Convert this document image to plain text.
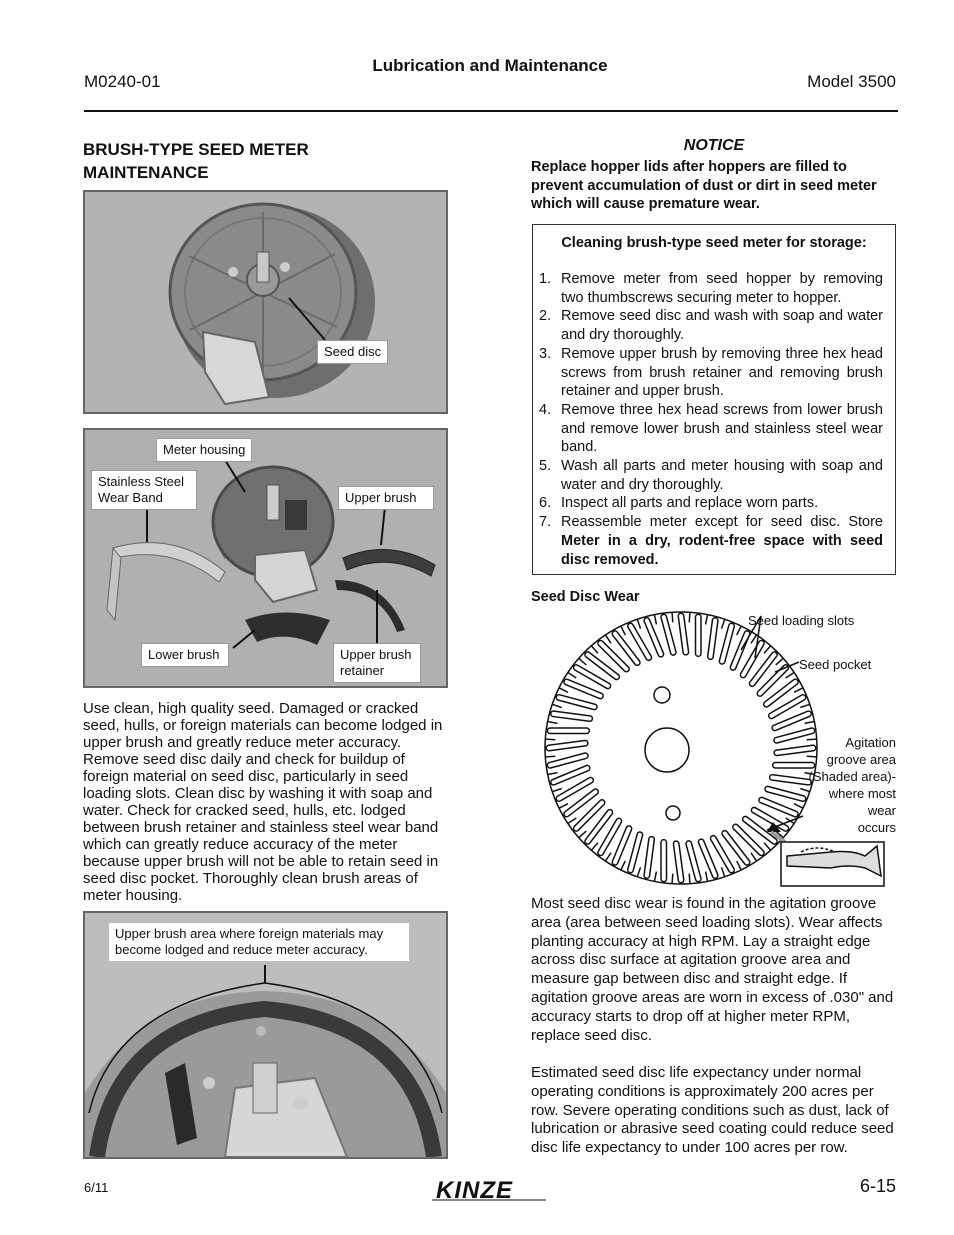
M0240-01
Lubrication and Maintenance
Model 3500
BRUSH-TYPE SEED METER MAINTENANCE
Seed disc
Meter housing
Stainless Steel Wear Band	Upper brush
Lower brush	Upper brush retainer
Use clean, high quality seed. Damaged or cracked seed, hulls, or foreign materials can become lodged in upper brush and greatly reduce meter accuracy. Remove seed disc daily and check for buildup of foreign material on seed disc, particularly in seed loading slots. Clean disc by washing it with soap and water. Check for cracked seed, hulls, etc. lodged between brush retainer and stainless steel wear band which can greatly reduce accuracy of the meter because upper brush will not be able to retain seed in seed disc pocket. Thoroughly clean brush areas of meter housing.
Upper brush area where foreign materials may become lodged and reduce meter accuracy.
NOTICE
Replace hopper lids after hoppers are filled to prevent accumulation of dust or dirt in seed meter which will cause premature wear.
Cleaning brush-type seed meter for storage:
1. Remove meter from seed hopper by removing two thumbscrews securing meter to hopper.
2. Remove seed disc and wash with soap and water and dry thoroughly.
3. Remove upper brush by removing three hex head screws from brush retainer and removing brush retainer and upper brush.
4. Remove three hex head screws from lower brush and remove lower brush and stainless steel wear band.
5. Wash all parts and meter housing with soap and water and dry thoroughly.
6. Inspect all parts and replace worn parts.
7. Reassemble meter except for seed disc. Store Meter in a dry, rodent-free space with seed disc removed.
Seed Disc Wear
Seed loading slots
Seed pocket
Agitation
groove area
(Shaded area)-
where most
wear
occurs
Most seed disc wear is found in the agitation groove area (area between seed loading slots). Wear affects planting accuracy at high RPM. Lay a straight edge across disc surface at agitation groove area and measure gap between disc and straight edge. If agitation groove areas are worn in excess of .030" and accuracy starts to drop off at higher meter RPM, replace seed disc.
Estimated seed disc life expectancy under normal operating conditions is approximately 200 acres per row. Severe operating conditions such as dust, lack of lubrication or abrasive seed coating could reduce seed disc life expectancy to under 100 acres per row.
6/11	KINZE	6-15
